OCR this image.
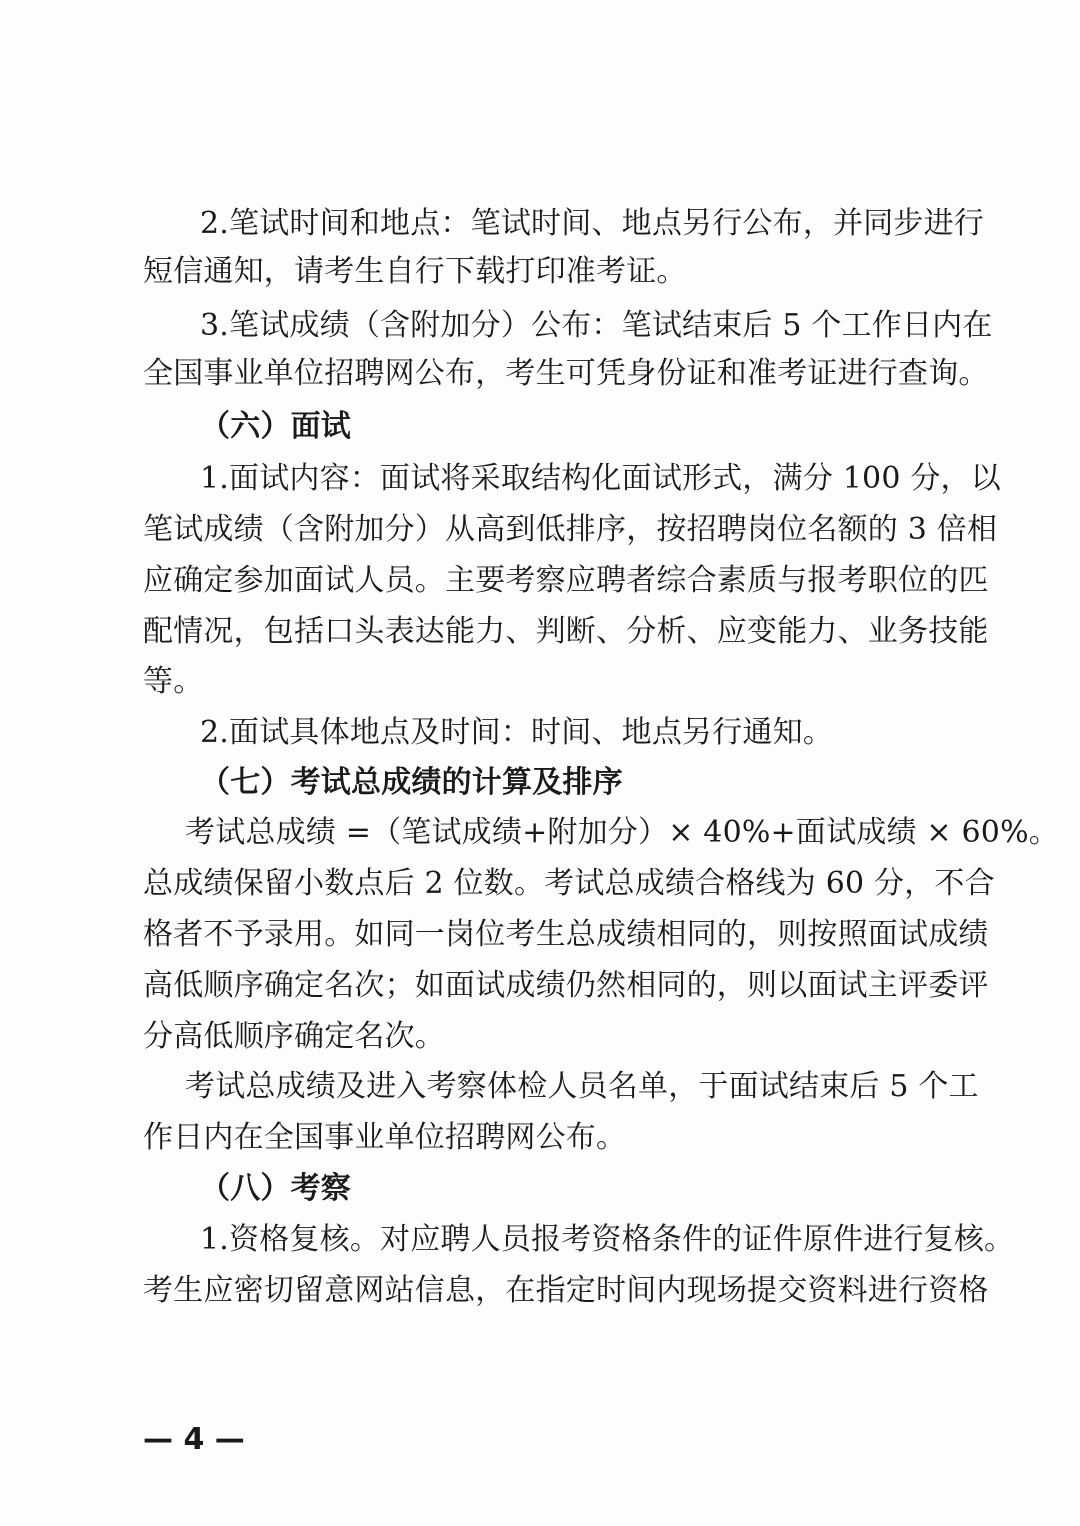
2.笔试时间和地点：笔试时间、地点另行公布，并同步进行
短信通知，请考生自行下载打印准考证。
3.笔试成绩（含附加分）公布：笔试结束后 5 个工作日内在
全国事业单位招聘网公布，考生可凭身份证和准考证进行查询。
（六）面试
1.面试内容：面试将采取结构化面试形式，满分 100 分，以
笔试成绩（含附加分）从高到低排序，按招聘岗位名额的 3 倍相
应确定参加面试人员。主要考察应聘者综合素质与报考职位的匹
配情况，包括口头表达能力、判断、分析、应变能力、业务技能
等。
2.面试具体地点及时间：时间、地点另行通知。
（七）考试总成绩的计算及排序
考试总成绩 =（笔试成绩+附加分）× 40%+面试成绩 × 60%。
总成绩保留小数点后 2 位数。考试总成绩合格线为 60 分，不合
格者不予录用。如同一岗位考生总成绩相同的，则按照面试成绩
高低顺序确定名次；如面试成绩仍然相同的，则以面试主评委评
分高低顺序确定名次。
考试总成绩及进入考察体检人员名单，于面试结束后 5 个工
作日内在全国事业单位招聘网公布。
（八）考察
1.资格复核。对应聘人员报考资格条件的证件原件进行复核。
考生应密切留意网站信息，在指定时间内现场提交资料进行资格
— 4 —
